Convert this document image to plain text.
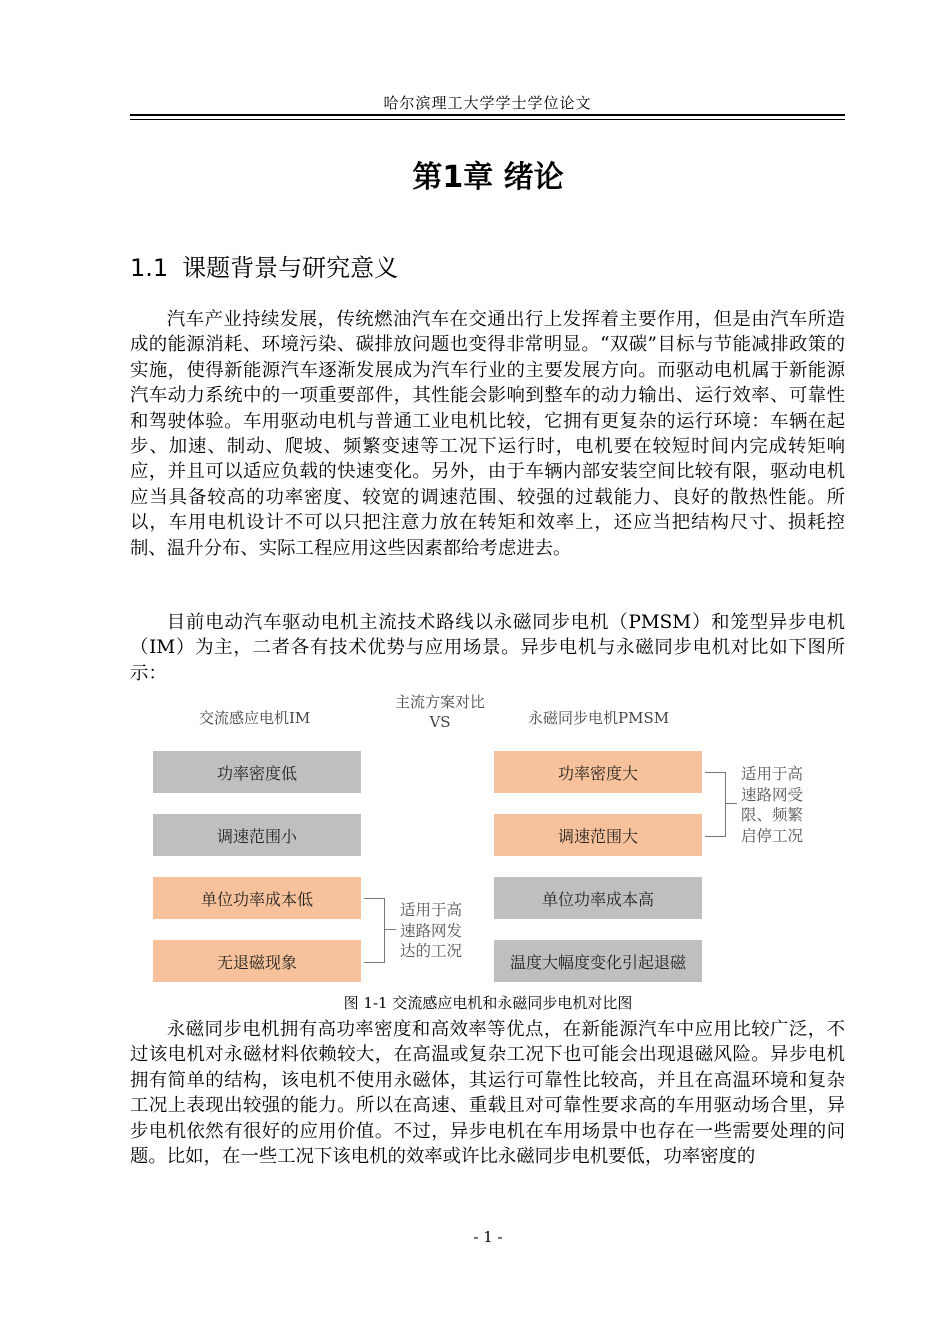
哈尔滨理工大学学士学位论文
第1章 绪论
1.1 课题背景与研究意义

汽车产业持续发展，传统燃油汽车在交通出行上发挥着主要作用，但是由汽车所造成的能源消耗、环境污染、碳排放问题也变得非常明显。“双碳”目标与节能减排政策的实施，使得新能源汽车逐渐发展成为汽车行业的主要发展方向。而驱动电机属于新能源汽车动力系统中的一项重要部件，其性能会影响到整车的动力输出、运行效率、可靠性和驾驶体验。车用驱动电机与普通工业电机比较，它拥有更复杂的运行环境：车辆在起步、加速、制动、爬坡、频繁变速等工况下运行时，电机要在较短时间内完成转矩响应，并且可以适应负载的快速变化。另外，由于车辆内部安装空间比较有限，驱动电机应当具备较高的功率密度、较宽的调速范围、较强的过载能力、良好的散热性能。所以，车用电机设计不可以只把注意力放在转矩和效率上，还应当把结构尺寸、损耗控制、温升分布、实际工程应用这些因素都给考虑进去。

目前电动汽车驱动电机主流技术路线以永磁同步电机（PMSM）和笼型异步电机（IM）为主，二者各有技术优势与应用场景。异步电机与永磁同步电机对比如下图所示：

交流感应电机IM
主流方案对比
VS	永磁同步电机PMSM
功率密度低
调速范围小
单位功率成本低
无退磁现象
功率密度大
调速范围大
单位功率成本高
温度大幅度变化引起退磁
适用于高
速路网发
达的工况
适用于高
速路网受
限、频繁
启停工况
图 1-1 交流感应电机和永磁同步电机对比图

永磁同步电机拥有高功率密度和高效率等优点，在新能源汽车中应用比较广泛，不过该电机对永磁材料依赖较大，在高温或复杂工况下也可能会出现退磁风险。异步电机拥有简单的结构，该电机不使用永磁体，其运行可靠性比较高，并且在高温环境和复杂工况上表现出较强的能力。所以在高速、重载且对可靠性要求高的车用驱动场合里，异步电机依然有很好的应用价值。不过，异步电机在车用场景中也存在一些需要处理的问题。比如，在一些工况下该电机的效率或许比永磁同步电机要低，功率密度的

- 1 -
